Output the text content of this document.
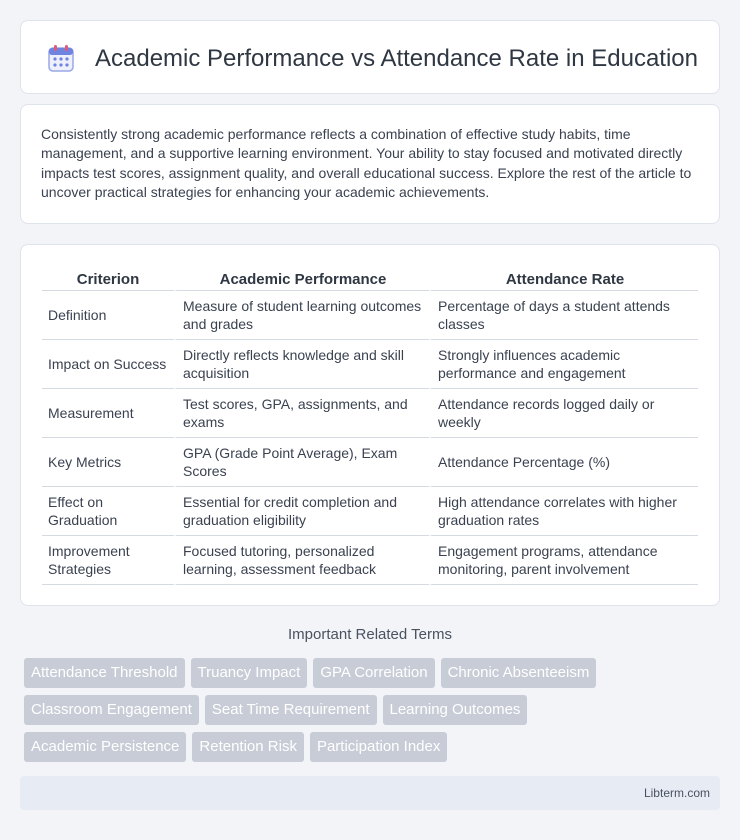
Academic Performance vs Attendance Rate in Education

Consistently strong academic performance reflects a combination of effective study habits, time management, and a supportive learning environment. Your ability to stay focused and motivated directly impacts test scores, assignment quality, and overall educational success. Explore the rest of the article to uncover practical strategies for enhancing your academic achievements.

Criterion	Academic Performance	Attendance Rate
Definition	Measure of student learning outcomes and grades	Percentage of days a student attends classes
Impact on Success	Directly reflects knowledge and skill acquisition	Strongly influences academic performance and engagement
Measurement	Test scores, GPA, assignments, and exams	Attendance records logged daily or weekly
Key Metrics	GPA (Grade Point Average), Exam Scores	Attendance Percentage (%)
Effect on Graduation	Essential for credit completion and graduation eligibility	High attendance correlates with higher graduation rates
Improvement Strategies	Focused tutoring, personalized learning, assessment feedback	Engagement programs, attendance monitoring, parent involvement
Important Related Terms
Attendance Threshold	Truancy Impact	GPA Correlation	Chronic Absenteeism
Classroom Engagement	Seat Time Requirement	Learning Outcomes
Academic Persistence	Retention Risk	Participation Index
Libterm.com
